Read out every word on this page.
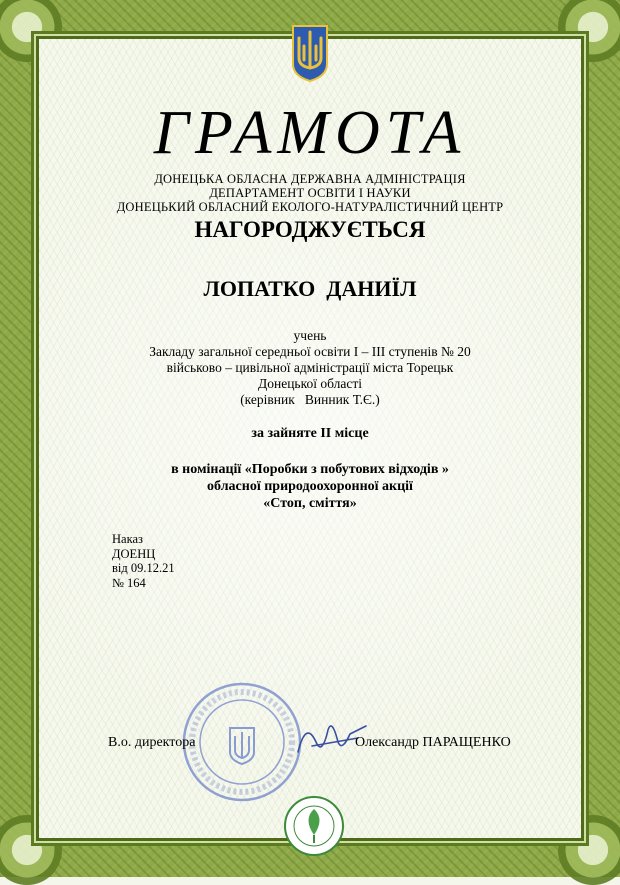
ГРАМОТА
ДОНЕЦЬКА ОБЛАСНА ДЕРЖАВНА АДМІНІСТРАЦІЯ
ДЕПАРТАМЕНТ ОСВІТИ І НАУКИ
ДОНЕЦЬКИЙ ОБЛАСНИЙ ЕКОЛОГО-НАТУРАЛІСТИЧНИЙ ЦЕНТР
НАГОРОДЖУЄТЬСЯ
ЛОПАТКО  ДАНИЇЛ
учень
Закладу загальної середньої освіти І – ІІІ ступенів № 20
військово – цивільної адміністрації міста Торецьк
Донецької області
(керівник   Винник Т.Є.)
за зайняте ІІ місце
в номінації «Поробки з побутових відходів »
обласної природоохоронної акції
«Стоп, сміття»
Наказ
ДОЕНЦ
від 09.12.21
№ 164
В.о. директора	Олександр ПАРАЩЕНКО
